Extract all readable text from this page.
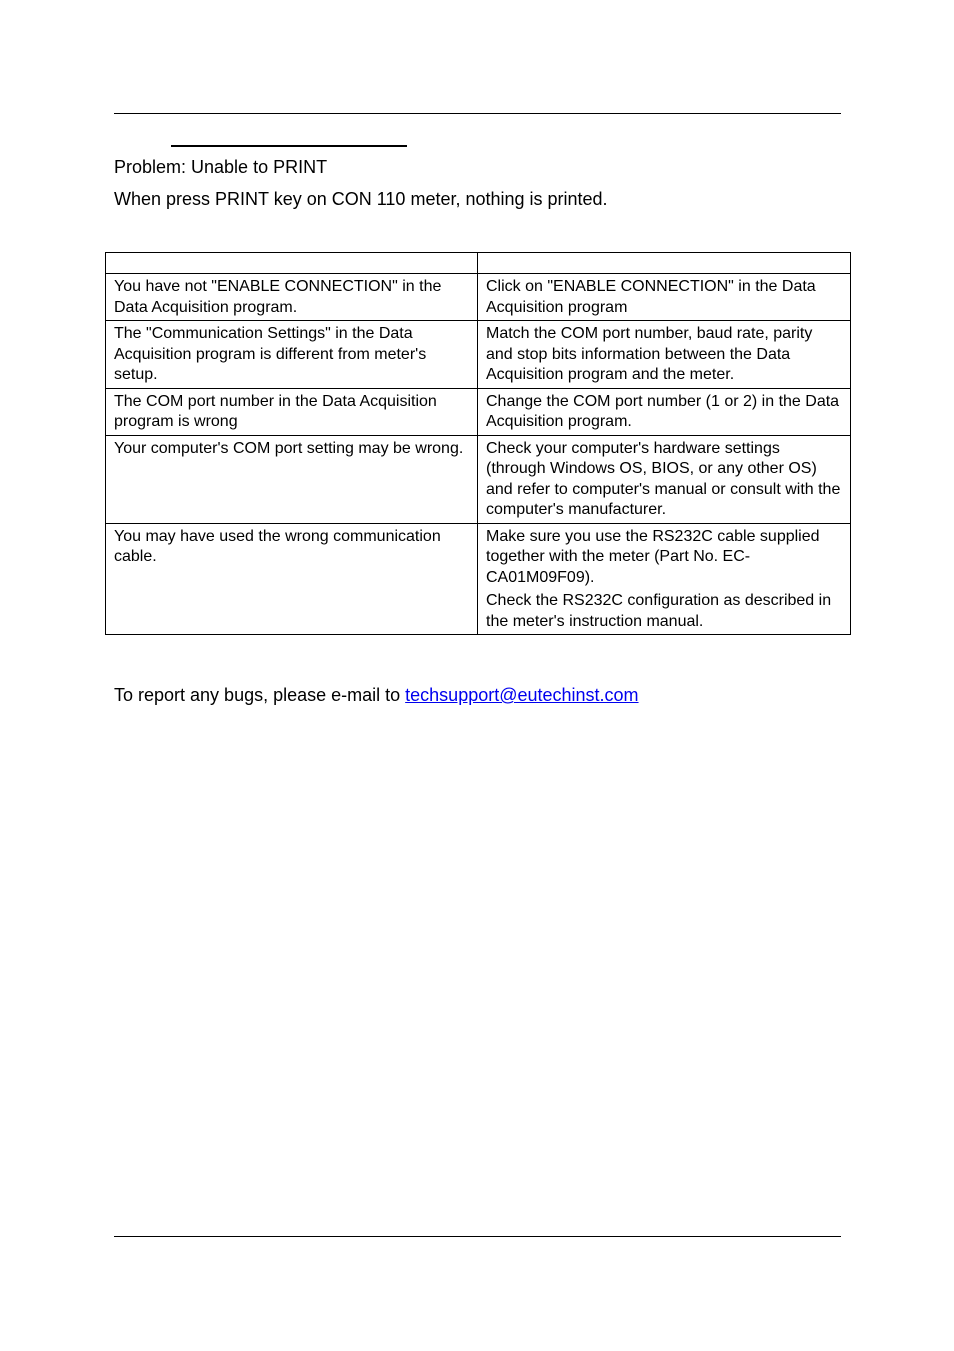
Problem: Unable to PRINT
When press PRINT key on CON 110 meter, nothing is printed.

You have not "ENABLE CONNECTION" in the Data Acquisition program.	Click on "ENABLE CONNECTION" in the Data Acquisition program

The "Communication Settings" in the Data Acquisition program is different from meter's setup.	Match the COM port number, baud rate, parity and stop bits information between the Data Acquisition program and the meter.

The COM port number in the Data Acquisition program is wrong	Change the COM port number (1 or 2) in the Data Acquisition program.

Your computer's COM port setting may be wrong.	Check your computer's hardware settings (through Windows OS, BIOS, or any other OS) and refer to computer's manual or consult with the computer's manufacturer.

You may have used the wrong communication cable.	Make sure you use the RS232C cable supplied together with the meter (Part No. EC-CA01M09F09).
Check the RS232C configuration as described in the meter's instruction manual.
To report any bugs, please e-mail to techsupport@eutechinst.com
